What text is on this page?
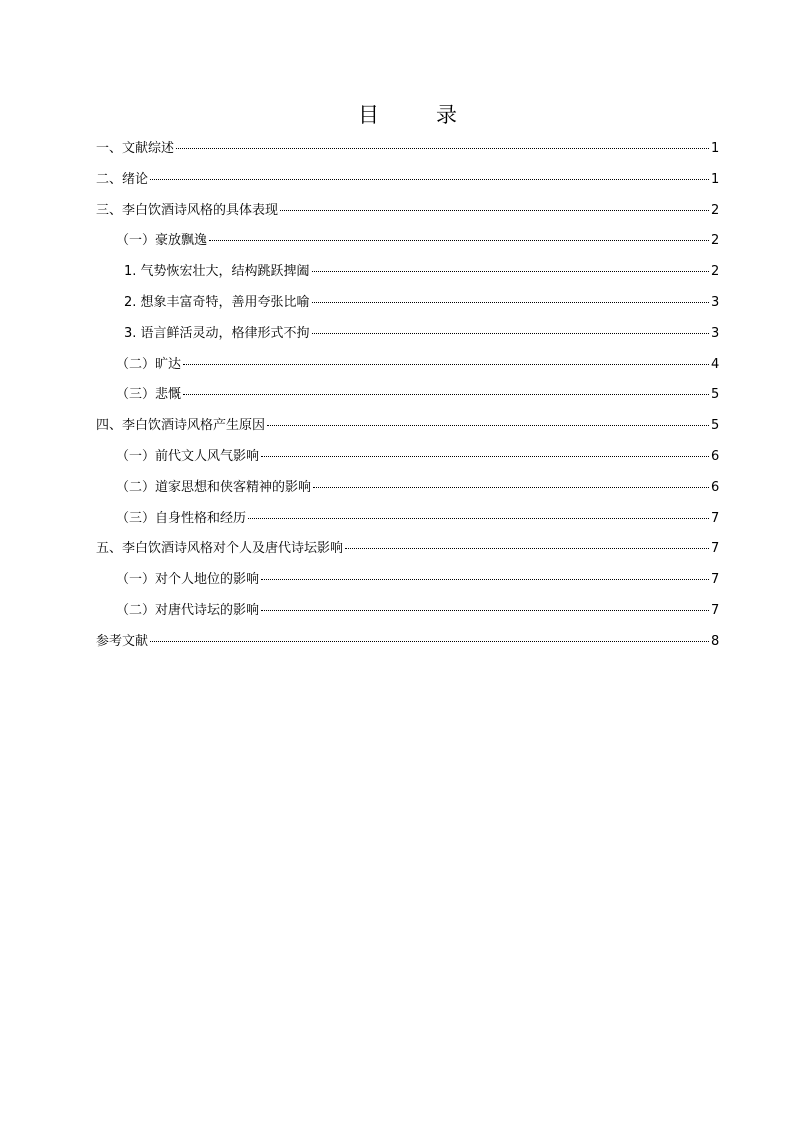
目　录
一、文献综述	1
二、绪论	1
三、李白饮酒诗风格的具体表现	2
（一）豪放飘逸	2
1. 气势恢宏壮大，结构跳跃捭阖	2
2. 想象丰富奇特，善用夸张比喻	3
3. 语言鲜活灵动，格律形式不拘	3
（二）旷达	4
（三）悲慨	5
四、李白饮酒诗风格产生原因	5
（一）前代文人风气影响	6
（二）道家思想和侠客精神的影响	6
（三）自身性格和经历	7
五、李白饮酒诗风格对个人及唐代诗坛影响	7
（一）对个人地位的影响	7
（二）对唐代诗坛的影响	7
参考文献	8
